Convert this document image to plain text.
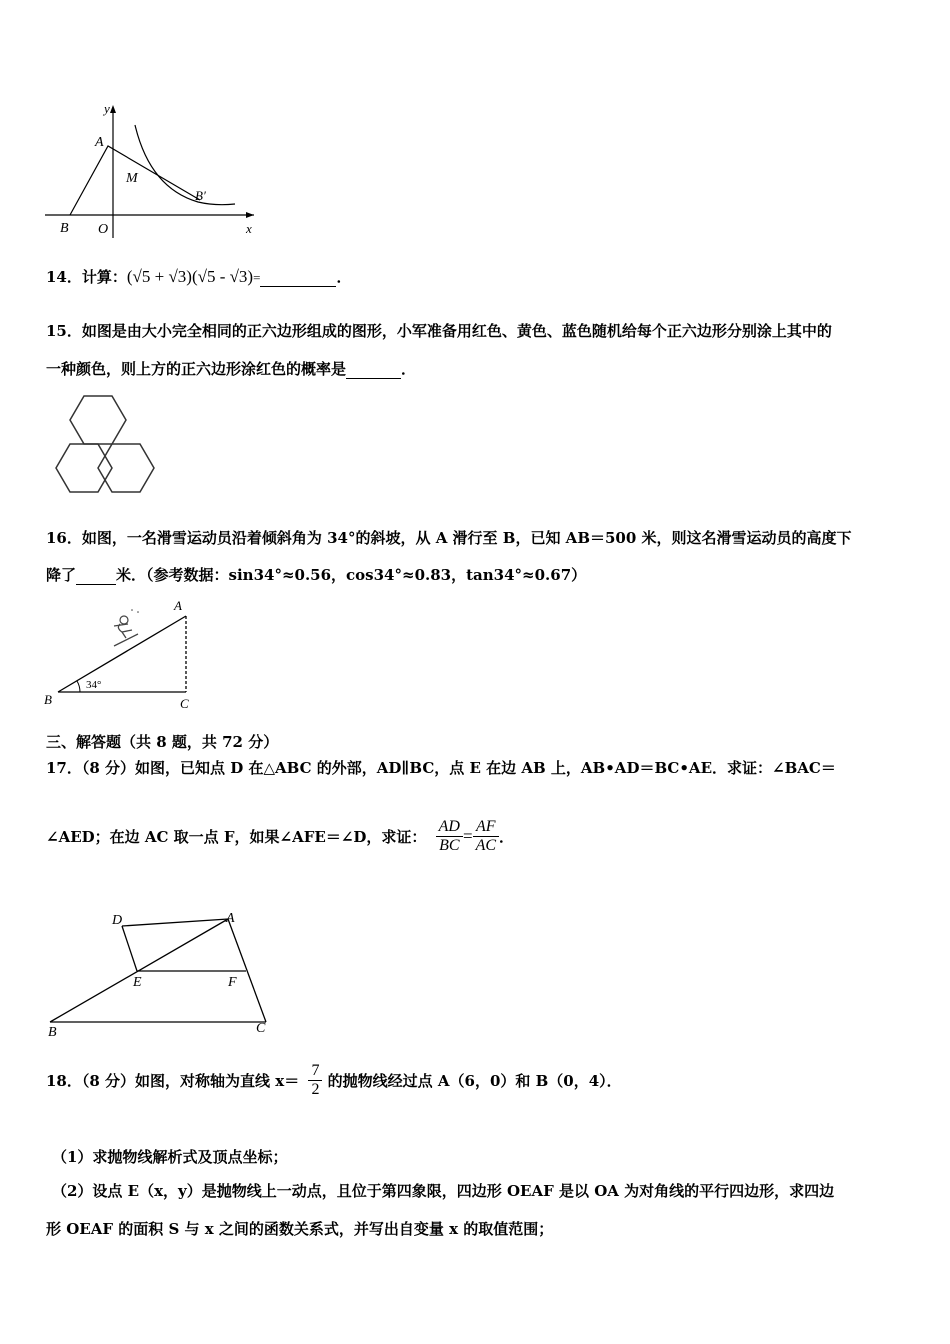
y
A
M
B′
B O	x
14．计算：(√5 + √3)(√5 - √3)=	．
15．如图是由大小完全相同的正六边形组成的图形，小军准备用红色、黄色、蓝色随机给每个正六边形分别涂上其中的
一种颜色，则上方的正六边形涂红色的概率是	．
16．如图，一名滑雪运动员沿着倾斜角为 34°的斜坡，从 A 滑行至 B，已知 AB＝500 米，则这名滑雪运动员的高度下
降了	米．（参考数据：sin34°≈0.56，cos34°≈0.83，tan34°≈0.67）
A
B	C
34°
三、解答题（共 8 题，共 72 分）
17．（8 分）如图，已知点 D 在△ABC 的外部，AD∥BC，点 E 在边 AB 上，AB•AD＝BC•AE．求证：∠BAC＝
∠AED；在边 AC 取一点 F，如果∠AFE＝∠D，求证： $\frac{AD}{BC} = \frac{AF}{AC}$ ．
D	A
E	F
B	C
18．（8 分）如图，对称轴为直线 $x= \frac{7}{2}$ 的抛物线经过点 A（6，0）和 B（0，4）．
（1）求抛物线解析式及顶点坐标；
（2）设点 E（x，y）是抛物线上一动点，且位于第四象限，四边形 OEAF 是以 OA 为对角线的平行四边形，求四边
形 OEAF 的面积 S 与 x 之间的函数关系式，并写出自变量 x 的取值范围；
